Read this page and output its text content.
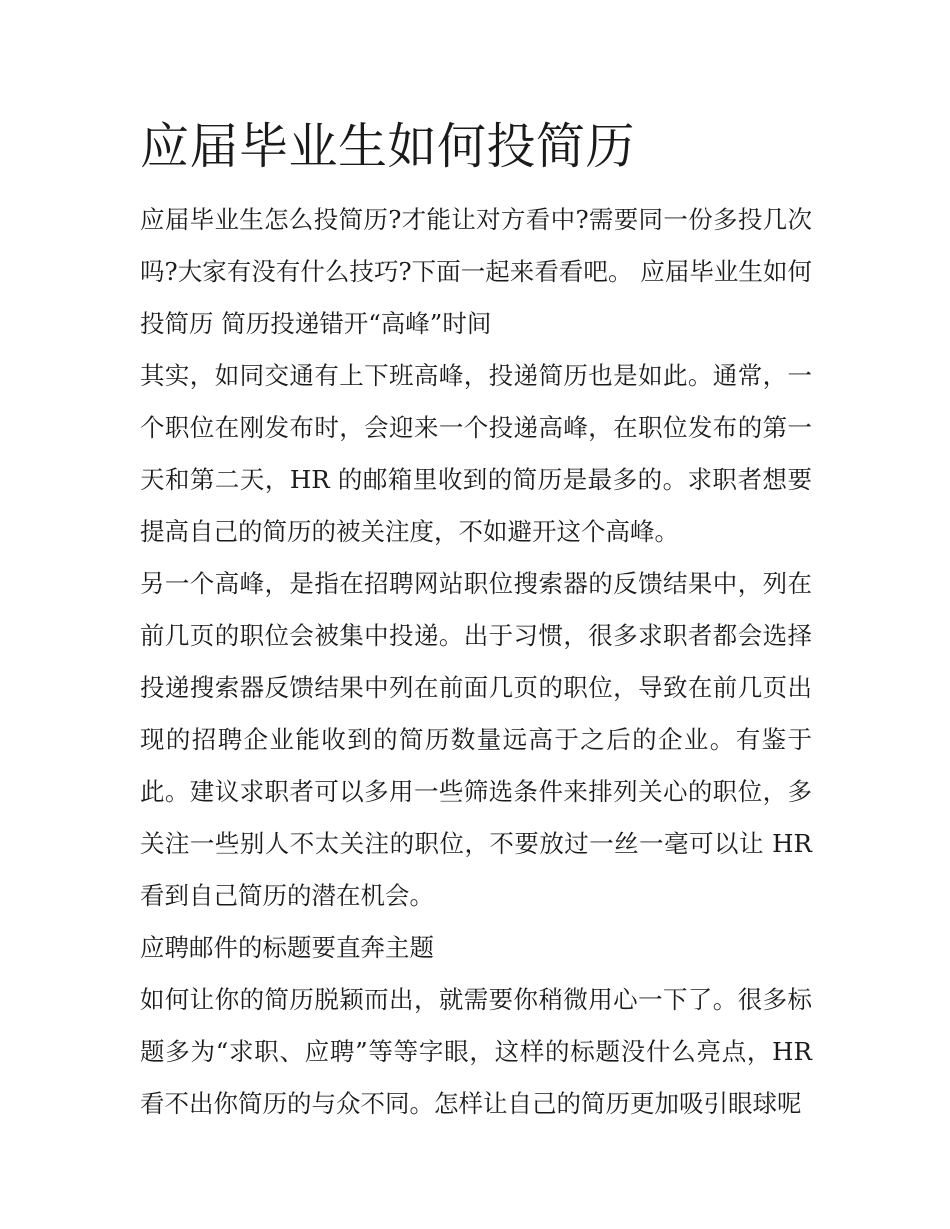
应届毕业生如何投简历

应届毕业生怎么投简历?才能让对方看中?需要同一份多投几次吗?大家有没有什么技巧?下面一起来看看吧。 应届毕业生如何投简历 简历投递错开“高峰”时间

其实，如同交通有上下班高峰，投递简历也是如此。通常，一个职位在刚发布时，会迎来一个投递高峰，在职位发布的第一天和第二天，HR 的邮箱里收到的简历是最多的。求职者想要提高自己的简历的被关注度，不如避开这个高峰。

另一个高峰，是指在招聘网站职位搜索器的反馈结果中，列在前几页的职位会被集中投递。出于习惯，很多求职者都会选择投递搜索器反馈结果中列在前面几页的职位，导致在前几页出现的招聘企业能收到的简历数量远高于之后的企业。有鉴于此。建议求职者可以多用一些筛选条件来排列关心的职位，多关注一些别人不太关注的职位，不要放过一丝一毫可以让 HR 看到自己简历的潜在机会。

应聘邮件的标题要直奔主题

如何让你的简历脱颖而出，就需要你稍微用心一下了。很多标题多为“求职、应聘”等等字眼，这样的标题没什么亮点，HR 看不出你简历的与众不同。怎样让自己的简历更加吸引眼球呢
